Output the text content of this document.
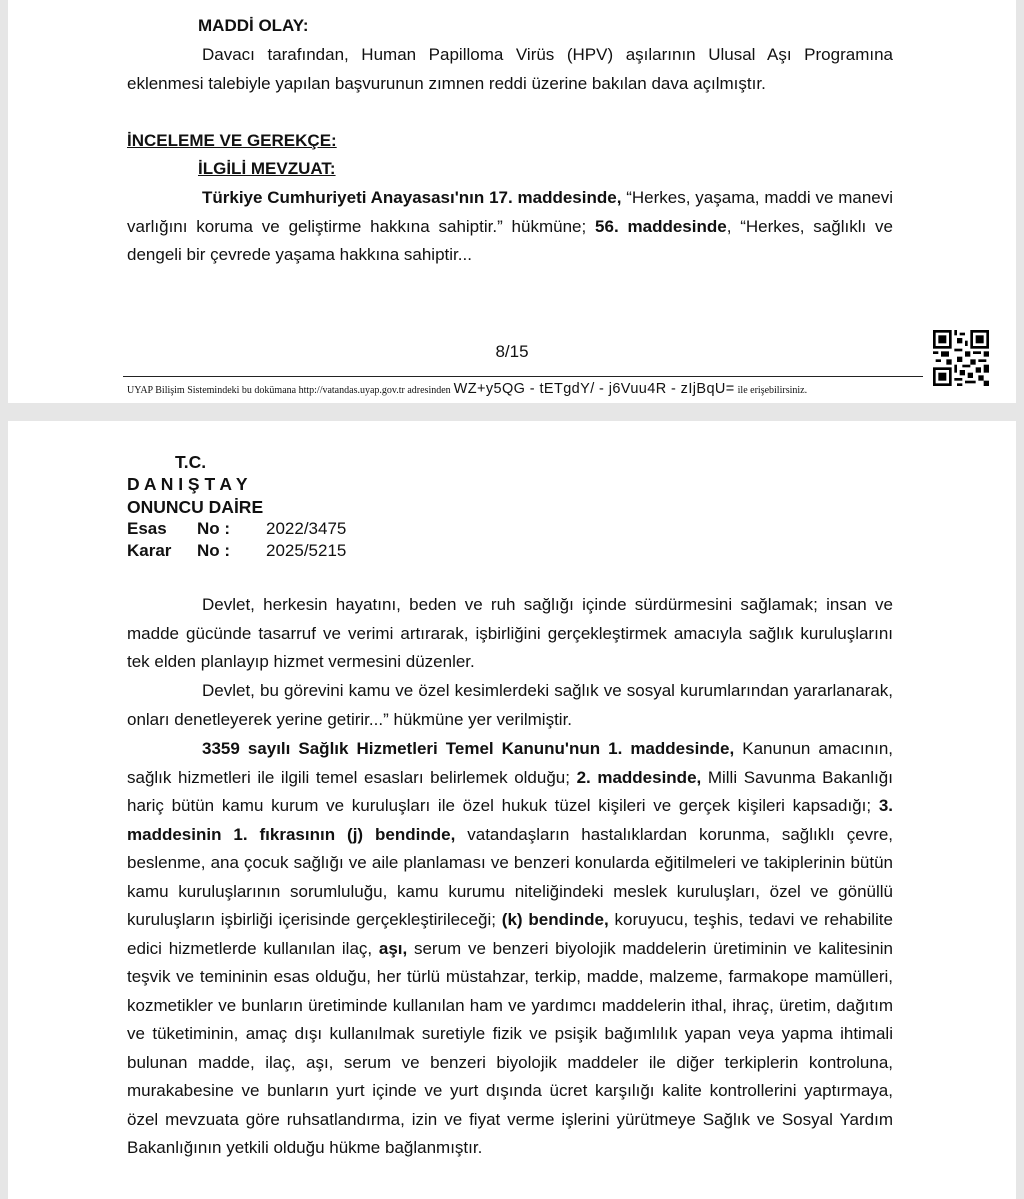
MADDİ OLAY:

Davacı tarafından, Human Papilloma Virüs (HPV) aşılarının Ulusal Aşı Programına eklenmesi talebiyle yapılan başvurunun zımnen reddi üzerine bakılan dava açılmıştır.

İNCELEME VE GEREKÇE:
İLGİLİ MEVZUAT:

Türkiye Cumhuriyeti Anayasası'nın 17. maddesinde, “Herkes, yaşama, maddi ve manevi varlığını koruma ve geliştirme hakkına sahiptir.” hükmüne; 56. maddesinde, “Herkes, sağlıklı ve dengeli bir çevrede yaşama hakkına sahiptir...

8/15
UYAP Bilişim Sistemindeki bu dokümana http://vatandas.uyap.gov.tr adresinden WZ+y5QG - tETgdY/ - j6Vuu4R - zIjBqU= ile erişebilirsiniz.
T.C.
D A N I Ş T A Y
ONUNCU DAİRE
Esas No : 2022/3475
Karar No : 2025/5215

Devlet, herkesin hayatını, beden ve ruh sağlığı içinde sürdürmesini sağlamak; insan ve madde gücünde tasarruf ve verimi artırarak, işbirliğini gerçekleştirmek amacıyla sağlık kuruluşlarını tek elden planlayıp hizmet vermesini düzenler.

Devlet, bu görevini kamu ve özel kesimlerdeki sağlık ve sosyal kurumlarından yararlanarak, onları denetleyerek yerine getirir...” hükmüne yer verilmiştir.

3359 sayılı Sağlık Hizmetleri Temel Kanunu'nun 1. maddesinde, Kanunun amacının, sağlık hizmetleri ile ilgili temel esasları belirlemek olduğu; 2. maddesinde, Milli Savunma Bakanlığı hariç bütün kamu kurum ve kuruluşları ile özel hukuk tüzel kişileri ve gerçek kişileri kapsadığı; 3. maddesinin 1. fıkrasının (j) bendinde, vatandaşların hastalıklardan korunma, sağlıklı çevre, beslenme, ana çocuk sağlığı ve aile planlaması ve benzeri konularda eğitilmeleri ve takiplerinin bütün kamu kuruluşlarının sorumluluğu, kamu kurumu niteliğindeki meslek kuruluşları, özel ve gönüllü kuruluşların işbirliği içerisinde gerçekleştirileceği; (k) bendinde, koruyucu, teşhis, tedavi ve rehabilite edici hizmetlerde kullanılan ilaç, aşı, serum ve benzeri biyolojik maddelerin üretiminin ve kalitesinin teşvik ve temininin esas olduğu, her türlü müstahzar, terkip, madde, malzeme, farmakope mamülleri, kozmetikler ve bunların üretiminde kullanılan ham ve yardımcı maddelerin ithal, ihraç, üretim, dağıtım ve tüketiminin, amaç dışı kullanılmak suretiyle fizik ve psişik bağımlılık yapan veya yapma ihtimali bulunan madde, ilaç, aşı, serum ve benzeri biyolojik maddeler ile diğer terkiplerin kontroluna, murakabesine ve bunların yurt içinde ve yurt dışında ücret karşılığı kalite kontrollerini yaptırmaya, özel mevzuata göre ruhsatlandırma, izin ve fiyat verme işlerini yürütmeye Sağlık ve Sosyal Yardım Bakanlığının yetkili olduğu hükme bağlanmıştır.
